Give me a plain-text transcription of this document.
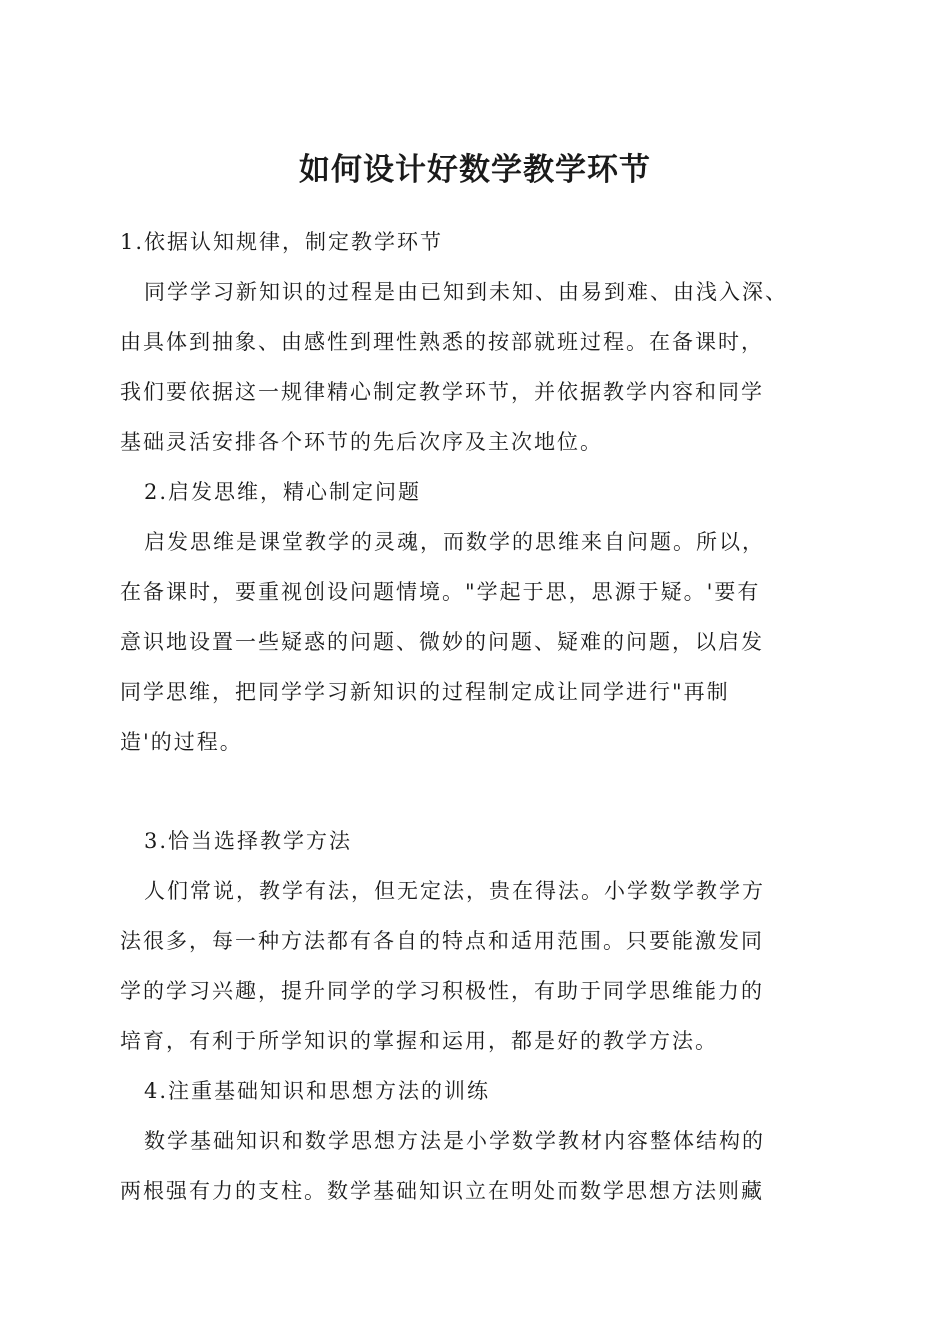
如何设计好数学教学环节

1.依据认知规律，制定教学环节

同学学习新知识的过程是由已知到未知、由易到难、由浅入深、

由具体到抽象、由感性到理性熟悉的按部就班过程。在备课时，

我们要依据这一规律精心制定教学环节，并依据教学内容和同学

基础灵活安排各个环节的先后次序及主次地位。

2.启发思维，精心制定问题

启发思维是课堂教学的灵魂，而数学的思维来自问题。所以，

在备课时，要重视创设问题情境。"学起于思，思源于疑。'要有

意识地设置一些疑惑的问题、微妙的问题、疑难的问题，以启发

同学思维，把同学学习新知识的过程制定成让同学进行"再制

造'的过程。

3.恰当选择教学方法

人们常说，教学有法，但无定法，贵在得法。小学数学教学方

法很多，每一种方法都有各自的特点和适用范围。只要能激发同

学的学习兴趣，提升同学的学习积极性，有助于同学思维能力的

培育，有利于所学知识的掌握和运用，都是好的教学方法。

4.注重基础知识和思想方法的训练

数学基础知识和数学思想方法是小学数学教材内容整体结构的

两根强有力的支柱。数学基础知识立在明处而数学思想方法则藏
